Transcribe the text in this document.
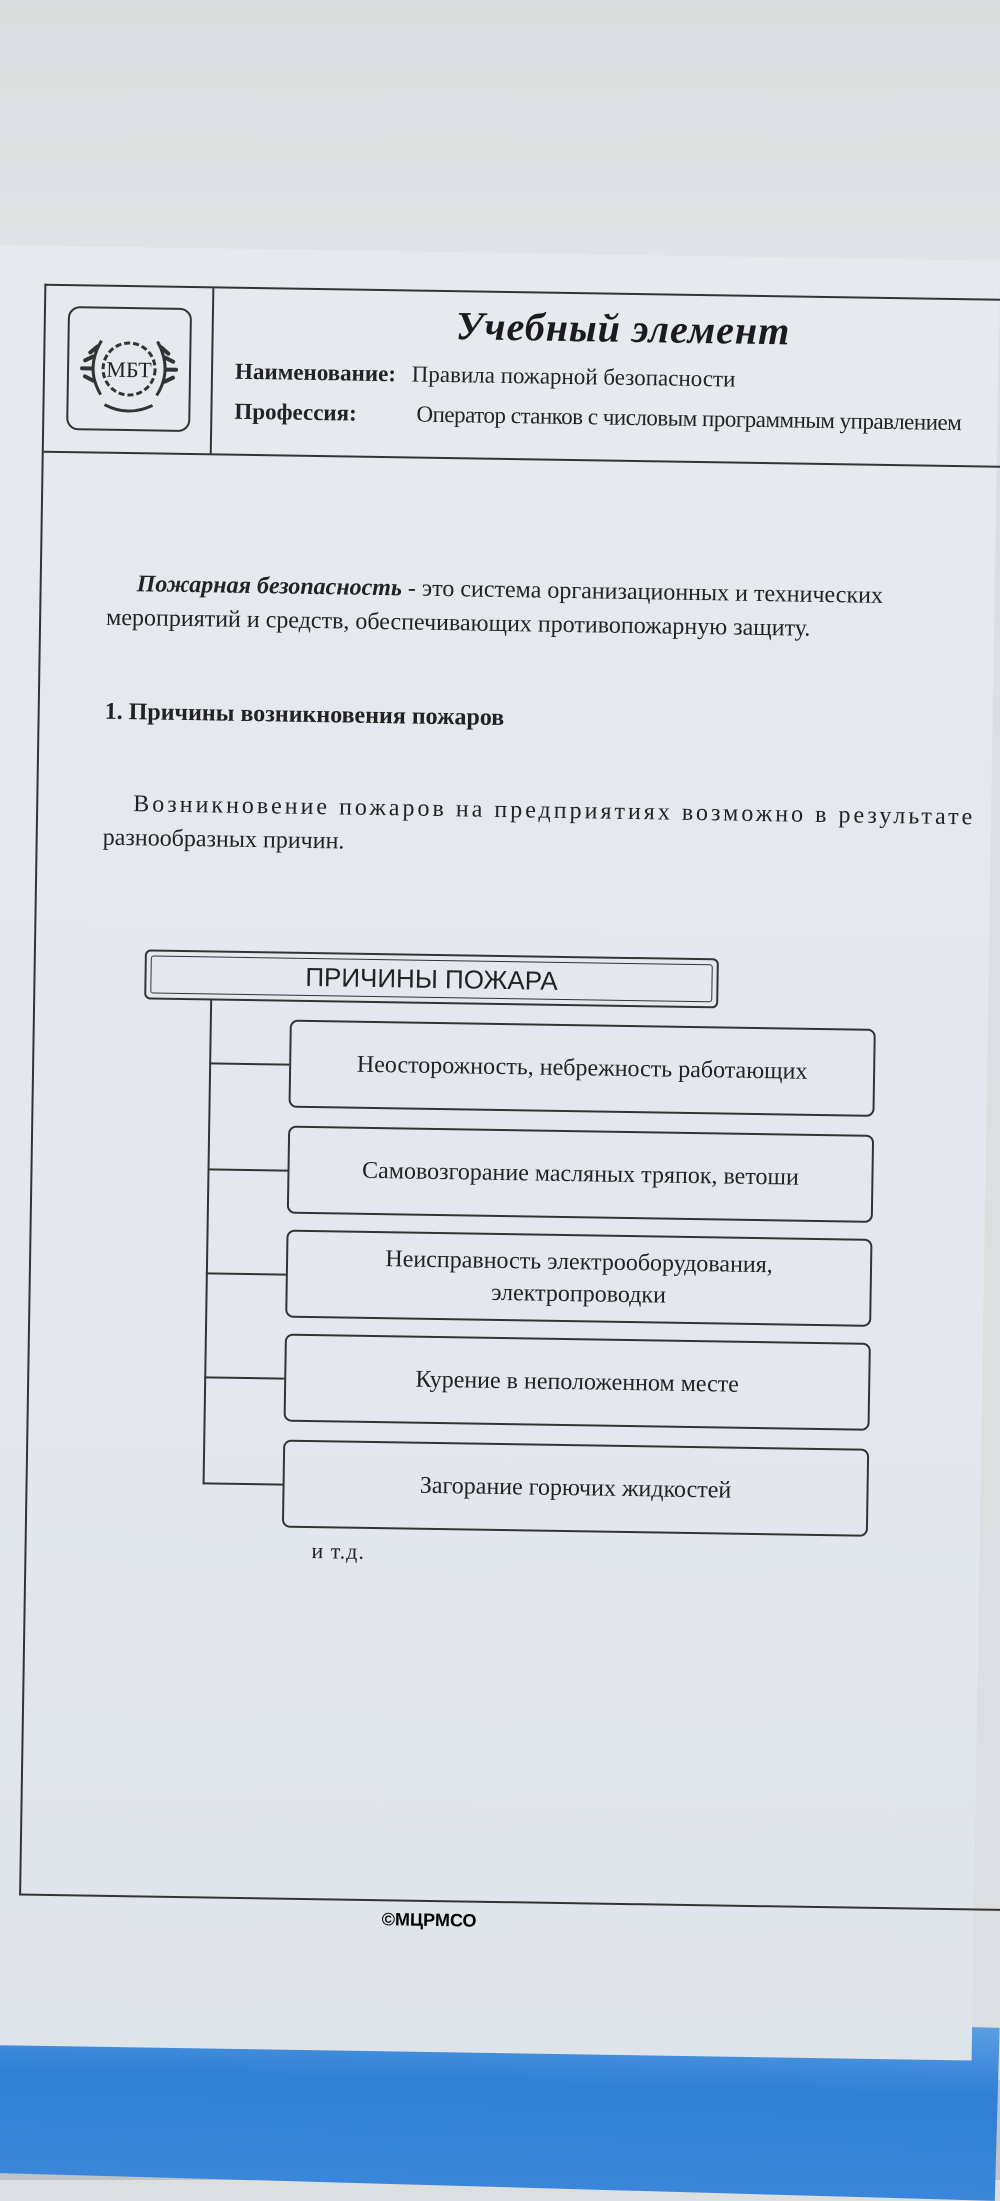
МБТ
Учебный элемент
Наименование: Правила пожарной безопасности
Профессия:	Оператор станков с числовым программным управлением
Пожарная безопасность - это система организационных и технических
мероприятий и средств, обеспечивающих противопожарную защиту.
1. Причины возникновения пожаров
Возникновение пожаров на предприятиях возможно в результате
разнообразных причин.
ПРИЧИНЫ ПОЖАРА
Неосторожность, небрежность работающих
Самовозгорание масляных тряпок, ветоши
Неисправность электрооборудования, электропроводки
Курение в неположенном месте
Загорание горючих жидкостей
и т.д.
©МЦРМСО
